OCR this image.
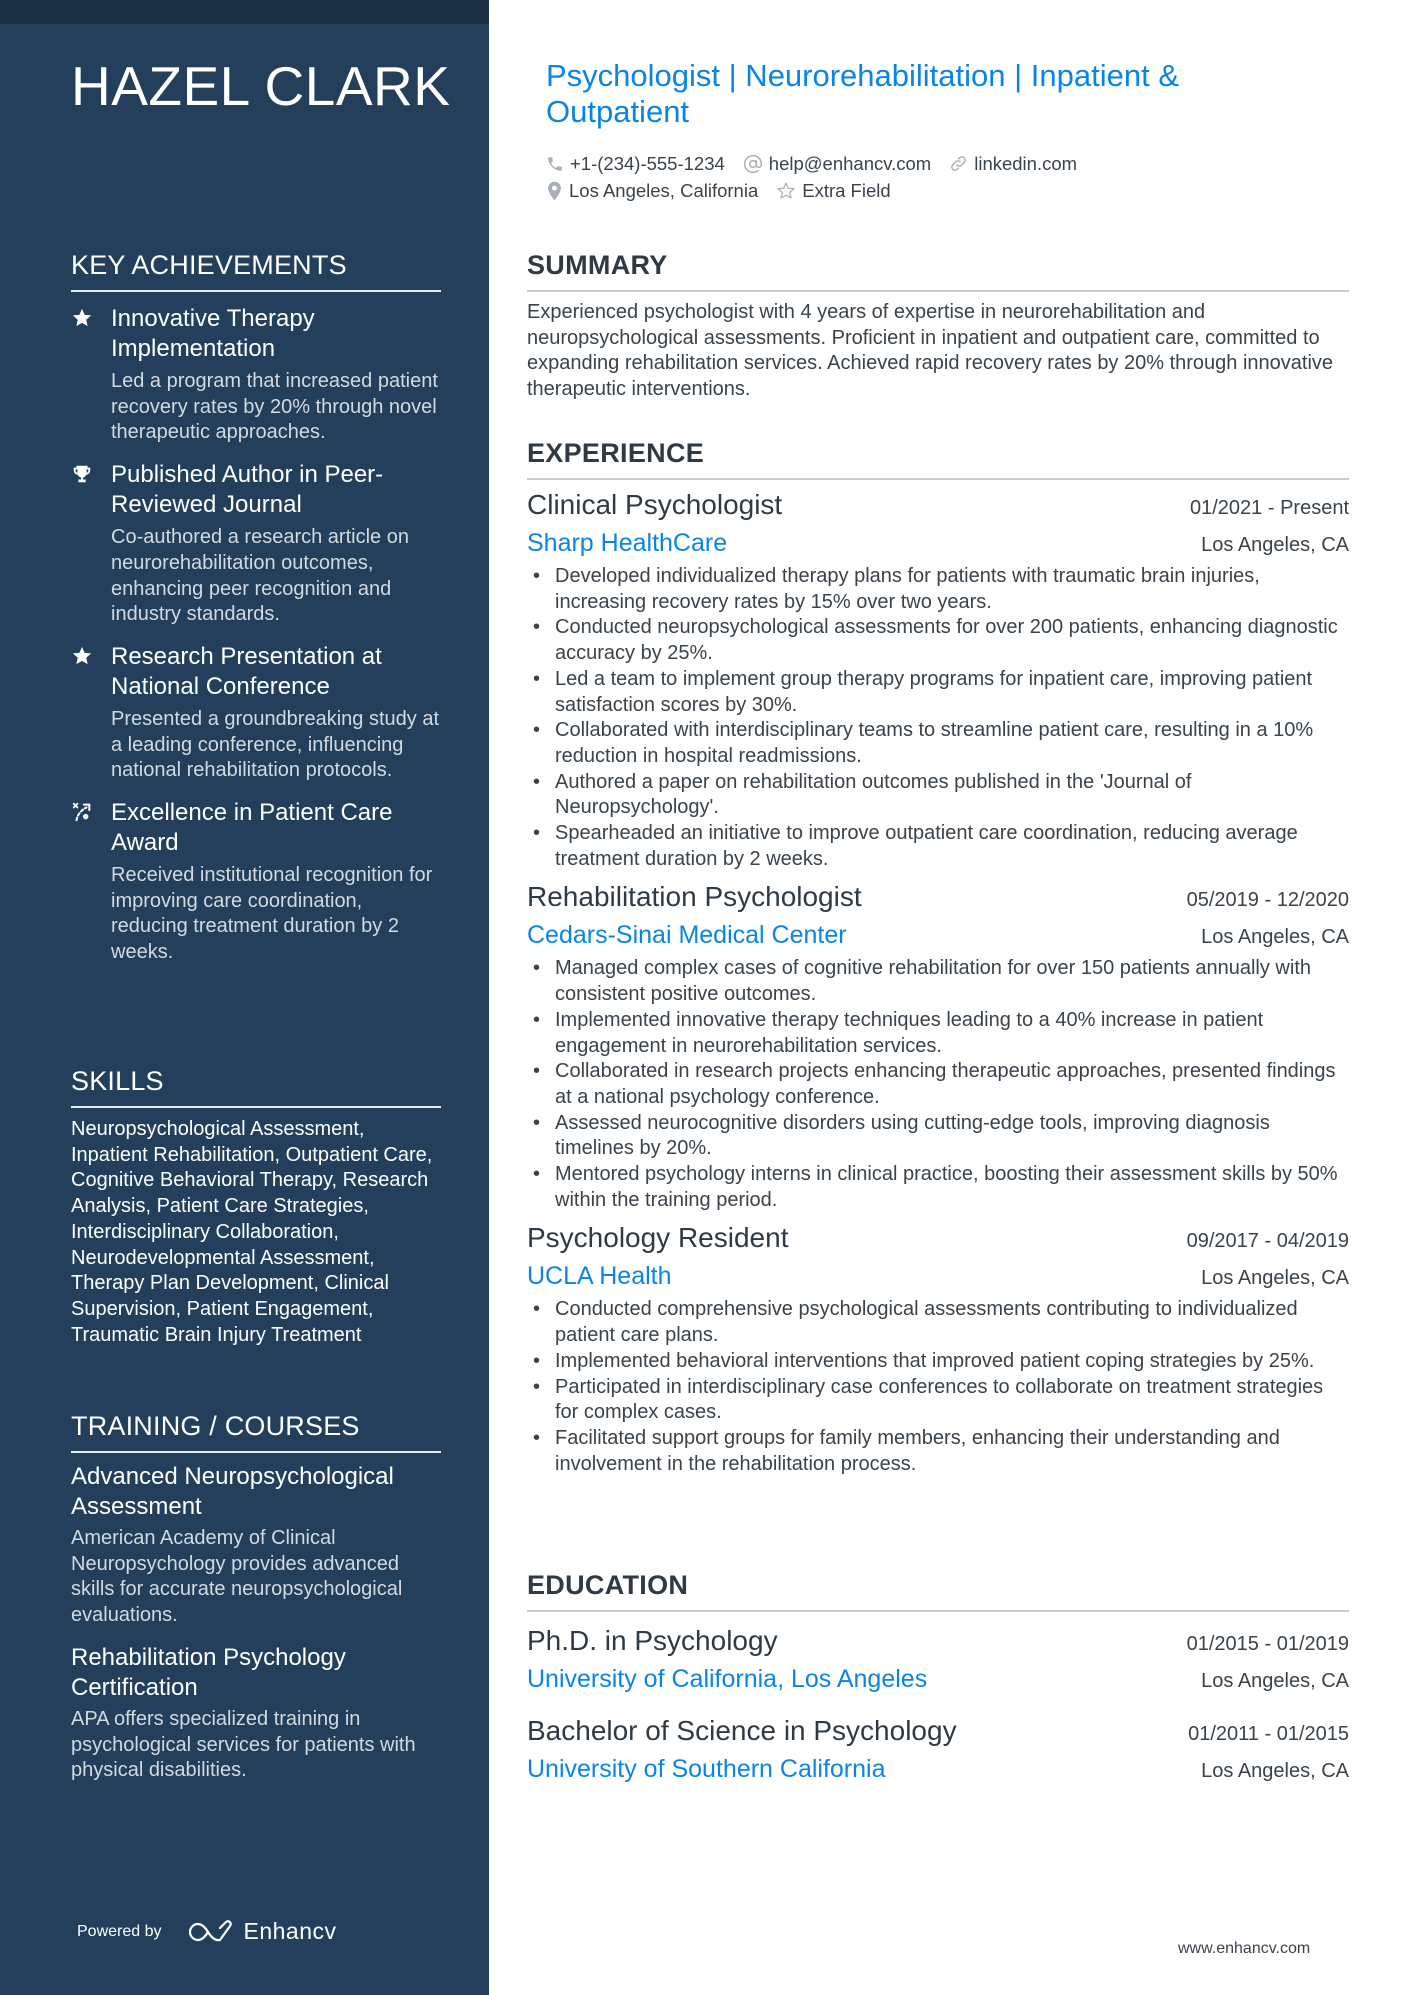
HAZEL CLARK
KEY ACHIEVEMENTS
Innovative Therapy Implementation
Led a program that increased patient recovery rates by 20% through novel therapeutic approaches.
Published Author in Peer-Reviewed Journal
Co-authored a research article on neurorehabilitation outcomes, enhancing peer recognition and industry standards.
Research Presentation at National Conference
Presented a groundbreaking study at a leading conference, influencing national rehabilitation protocols.
Excellence in Patient Care Award
Received institutional recognition for improving care coordination, reducing treatment duration by 2 weeks.
SKILLS

Neuropsychological Assessment, Inpatient Rehabilitation, Outpatient Care, Cognitive Behavioral Therapy, Research Analysis, Patient Care Strategies, Interdisciplinary Collaboration, Neurodevelopmental Assessment, Therapy Plan Development, Clinical Supervision, Patient Engagement, Traumatic Brain Injury Treatment

TRAINING / COURSES
Advanced Neuropsychological Assessment
American Academy of Clinical Neuropsychology provides advanced skills for accurate neuropsychological evaluations.
Rehabilitation Psychology Certification
APA offers specialized training in psychological services for patients with physical disabilities.
Powered by	Enhancv
Psychologist | Neurorehabilitation | Inpatient & Outpatient
+1-(234)-555-1234 help@enhancv.com linkedin.com
Los Angeles, California Extra Field
SUMMARY

Experienced psychologist with 4 years of expertise in neurorehabilitation and neuropsychological assessments. Proficient in inpatient and outpatient care, committed to expanding rehabilitation services. Achieved rapid recovery rates by 20% through innovative therapeutic interventions.

EXPERIENCE
Clinical Psychologist	01/2021 - Present
Sharp HealthCare	Los Angeles, CA
• Developed individualized therapy plans for patients with traumatic brain injuries, increasing recovery rates by 15% over two years.
• Conducted neuropsychological assessments for over 200 patients, enhancing diagnostic accuracy by 25%.
• Led a team to implement group therapy programs for inpatient care, improving patient satisfaction scores by 30%.
• Collaborated with interdisciplinary teams to streamline patient care, resulting in a 10% reduction in hospital readmissions.
• Authored a paper on rehabilitation outcomes published in the 'Journal of Neuropsychology'.
• Spearheaded an initiative to improve outpatient care coordination, reducing average treatment duration by 2 weeks.
Rehabilitation Psychologist	05/2019 - 12/2020
Cedars-Sinai Medical Center	Los Angeles, CA
• Managed complex cases of cognitive rehabilitation for over 150 patients annually with consistent positive outcomes.
• Implemented innovative therapy techniques leading to a 40% increase in patient engagement in neurorehabilitation services.
• Collaborated in research projects enhancing therapeutic approaches, presented findings at a national psychology conference.
• Assessed neurocognitive disorders using cutting-edge tools, improving diagnosis timelines by 20%.
• Mentored psychology interns in clinical practice, boosting their assessment skills by 50% within the training period.
Psychology Resident	09/2017 - 04/2019
UCLA Health	Los Angeles, CA
• Conducted comprehensive psychological assessments contributing to individualized patient care plans.
• Implemented behavioral interventions that improved patient coping strategies by 25%.
• Participated in interdisciplinary case conferences to collaborate on treatment strategies for complex cases.
• Facilitated support groups for family members, enhancing their understanding and involvement in the rehabilitation process.
EDUCATION
Ph.D. in Psychology	01/2015 - 01/2019
University of California, Los Angeles	Los Angeles, CA
Bachelor of Science in Psychology	01/2011 - 01/2015
University of Southern California	Los Angeles, CA
www.enhancv.com
